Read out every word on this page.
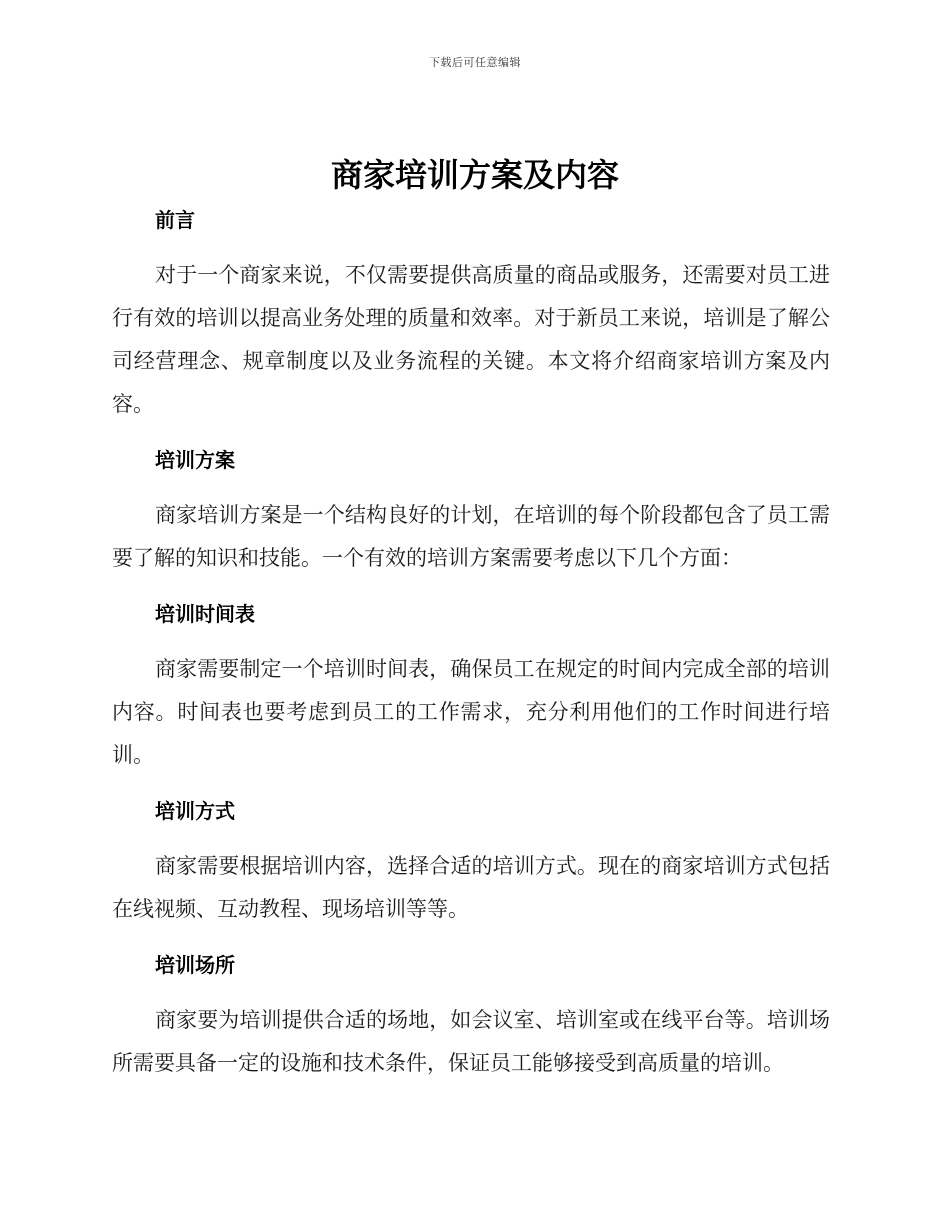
下载后可任意编辑
商家培训方案及内容
前言

对于一个商家来说，不仅需要提供高质量的商品或服务，还需要对员工进行有效的培训以提高业务处理的质量和效率。对于新员工来说，培训是了解公司经营理念、规章制度以及业务流程的关键。本文将介绍商家培训方案及内容。

培训方案

商家培训方案是一个结构良好的计划，在培训的每个阶段都包含了员工需要了解的知识和技能。一个有效的培训方案需要考虑以下几个方面：

培训时间表

商家需要制定一个培训时间表，确保员工在规定的时间内完成全部的培训内容。时间表也要考虑到员工的工作需求，充分利用他们的工作时间进行培训。

培训方式

商家需要根据培训内容，选择合适的培训方式。现在的商家培训方式包括在线视频、互动教程、现场培训等等。

培训场所

商家要为培训提供合适的场地，如会议室、培训室或在线平台等。培训场所需要具备一定的设施和技术条件，保证员工能够接受到高质量的培训。
